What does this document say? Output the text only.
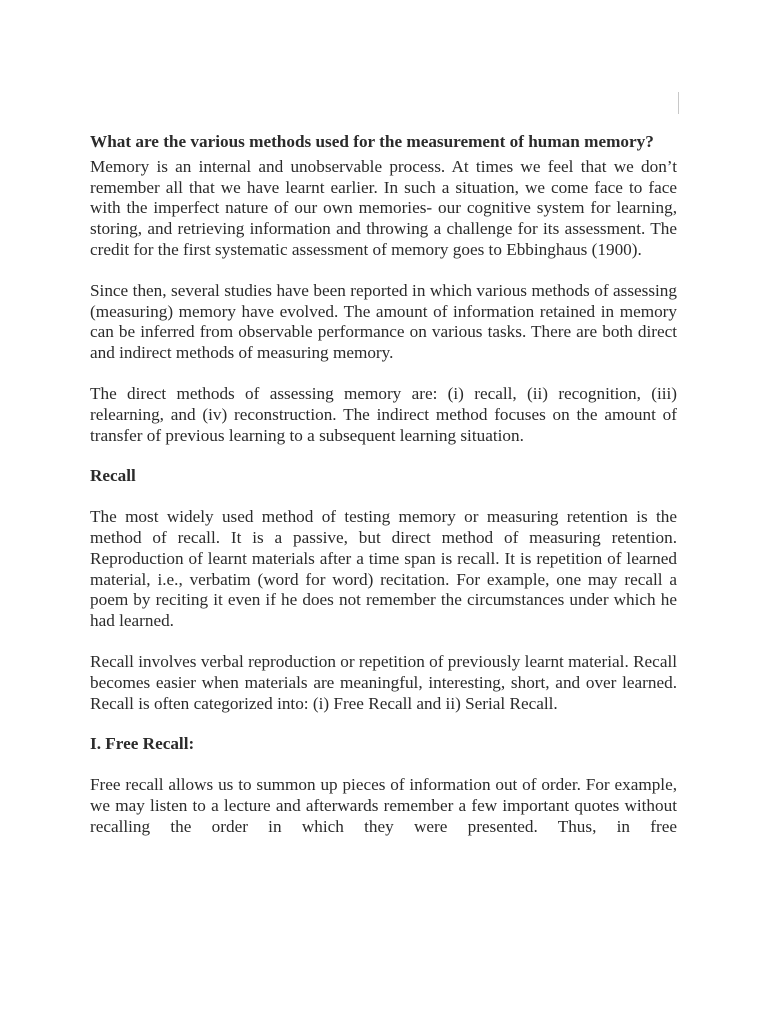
What are the various methods used for the measurement of human memory?

Memory is an internal and unobservable process. At times we feel that we don’t remember all that we have learnt earlier. In such a situation, we come face to face with the imperfect nature of our own memories- our cognitive system for learning, storing, and retrieving information and throwing a challenge for its assessment. The credit for the first systematic assessment of memory goes to Ebbinghaus (1900).

Since then, several studies have been reported in which various methods of assessing (measuring) memory have evolved. The amount of information retained in memory can be inferred from observable performance on various tasks. There are both direct and indirect methods of measuring memory.

The direct methods of assessing memory are: (i) recall, (ii) recognition, (iii) relearning, and (iv) reconstruction. The indirect method focuses on the amount of transfer of previous learning to a subsequent learning situation.

Recall

The most widely used method of testing memory or measuring retention is the method of recall. It is a passive, but direct method of measuring retention. Reproduction of learnt materials after a time span is recall. It is repetition of learned material, i.e., verbatim (word for word) recitation. For example, one may recall a poem by reciting it even if he does not remember the circumstances under which he had learned.

Recall involves verbal reproduction or repetition of previously learnt material. Recall becomes easier when materials are meaningful, interesting, short, and over learned. Recall is often categorized into: (i) Free Recall and ii) Serial Recall.

I. Free Recall:

Free recall allows us to summon up pieces of information out of order. For example, we may listen to a lecture and afterwards remember a few important quotes without recalling the order in which they were presented. Thus, in free
